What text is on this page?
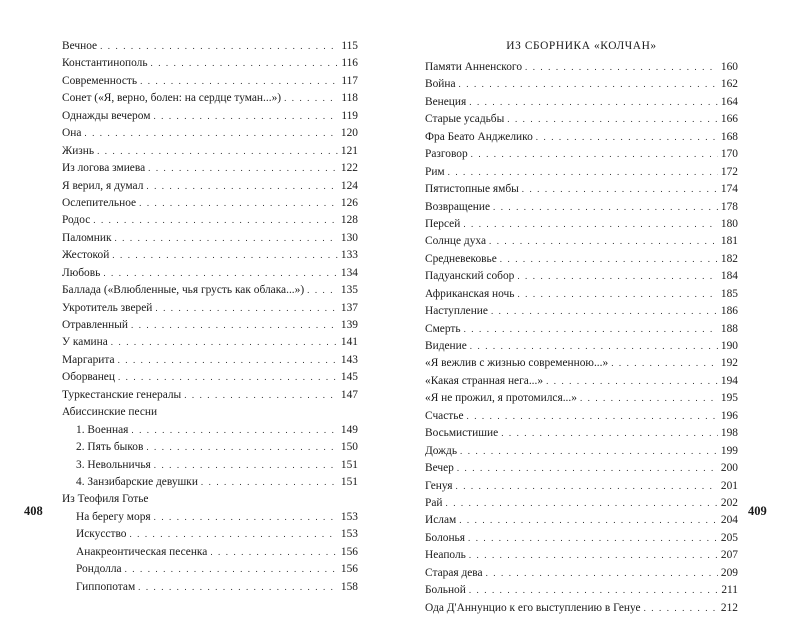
Вечное . . .	115
Константинополь . . .	116
Современность . . .	117
Сонет («Я, верно, болен: на сердце туман...») . . .	118
Однажды вечером . . .	119
Она . . .	120
Жизнь . . .	121
Из логова змиева . . .	122
Я верил, я думал . . .	124
Ослепительное . . .	126
Родос . . .	128
Паломник . . .	130
Жестокой . . .	133
Любовь . . .	134
Баллада («Влюбленные, чья грусть как облака...») . . .	135
Укротитель зверей . . .	137
Отравленный . . .	139
У камина . . .	141
Маргарита . . .	143
Оборванец . . .	145
Туркестанские генералы . . .	147
Абиссинские песни
1. Военная . . .	149
2. Пять быков . . .	150
3. Невольничья . . .	151
4. Занзибарские девушки . . .	151
Из Теофиля Готье
На берегу моря . . .	153
Искусство . . .	153
Анакреонтическая песенка . . .	156
Рондолла . . .	156
Гиппопотам . . .	158
ИЗ СБОРНИКА «КОЛЧАН»
Памяти Анненского . . .	160
Война . . .	162
Венеция . . .	164
Старые усадьбы . . .	166
Фра Беато Анджелико . . .	168
Разговор . . .	170
Рим . . .	172
Пятистопные ямбы . . .	174
Возвращение . . .	178
Персей . . .	180
Солнце духа . . .	181
Средневековье . . .	182
Падуанский собор . . .	184
Африканская ночь . . .	185
Наступление . . .	186
Смерть . . .	188
Видение . . .	190
«Я вежлив с жизнью современною...» . . .	192
«Какая странная нега...» . . .	194
«Я не прожил, я протомился...» . . .	195
Счастье . . .	196
Восьмистишие . . .	198
Дождь . . .	199
Вечер . . .	200
Генуя . . .	201
Рай . . .	202
Ислам . . .	204
Болонья . . .	205
Неаполь . . .	207
Старая дева . . .	209
Больной . . .	211
Ода Д'Аннунцио к его выступлению в Генуе . . .	212
408	409
